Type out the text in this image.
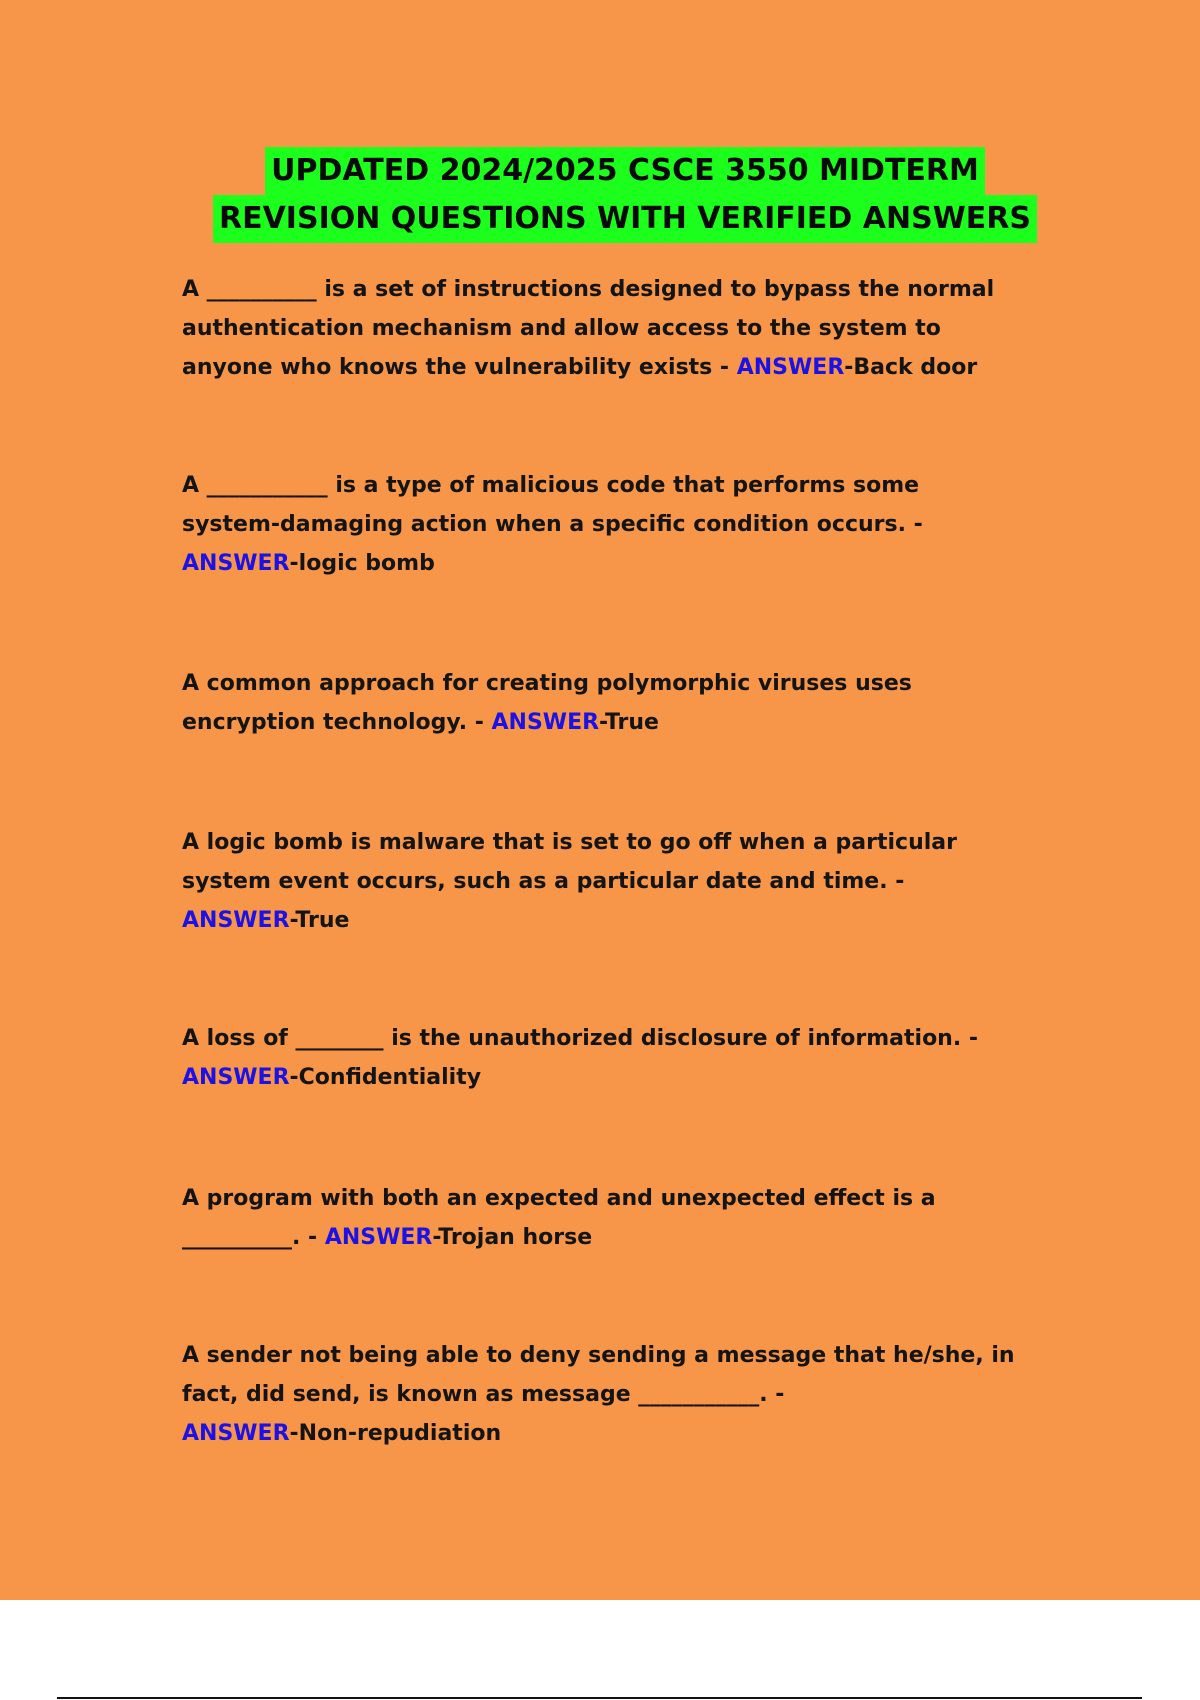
UPDATED 2024/2025 CSCE 3550 MIDTERM
REVISION QUESTIONS WITH VERIFIED ANSWERS
A __________ is a set of instructions designed to bypass the normal
authentication mechanism and allow access to the system to
anyone who knows the vulnerability exists - ANSWER-Back door
A ___________ is a type of malicious code that performs some
system-damaging action when a specific condition occurs. -
ANSWER-logic bomb
A common approach for creating polymorphic viruses uses
encryption technology. - ANSWER-True
A logic bomb is malware that is set to go off when a particular
system event occurs, such as a particular date and time. -
ANSWER-True
A loss of ________ is the unauthorized disclosure of information. -
ANSWER-Confidentiality
A program with both an expected and unexpected effect is a
__________. - ANSWER-Trojan horse
A sender not being able to deny sending a message that he/she, in
fact, did send, is known as message ___________. -
ANSWER-Non-repudiation
